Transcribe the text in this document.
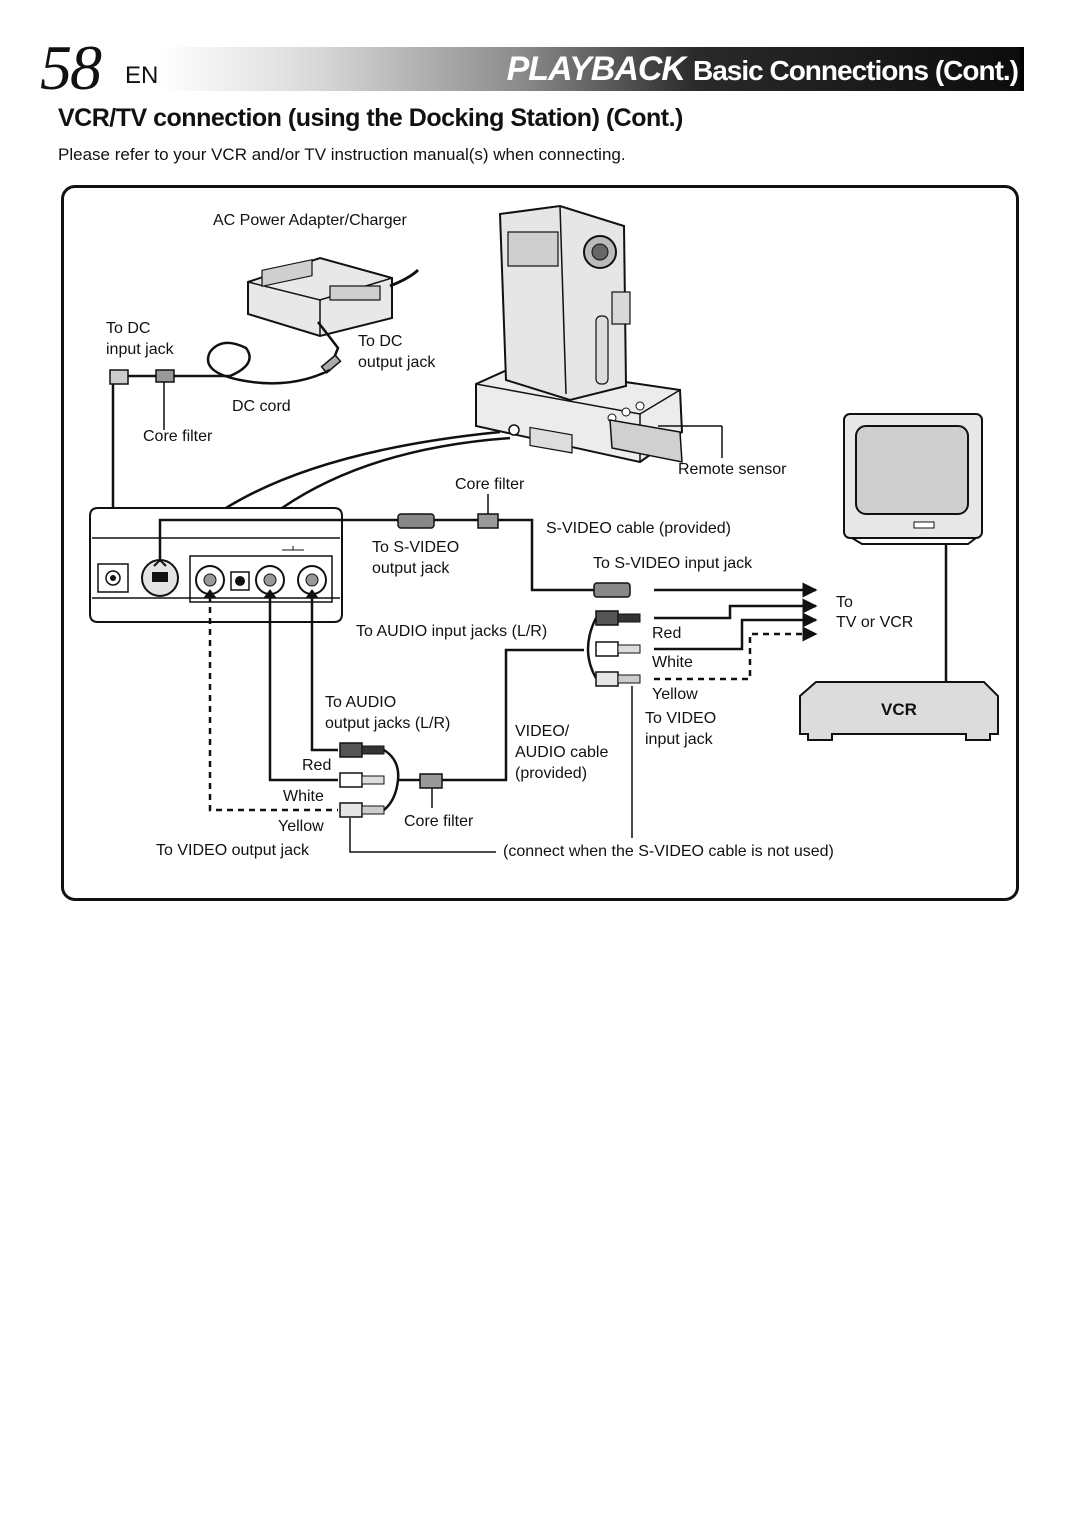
58 EN	PLAYBACK Basic Connections (Cont.)
VCR/TV connection (using the Docking Station) (Cont.)
Please refer to your VCR and/or TV instruction manual(s) when connecting.
AC Power Adapter/Charger
To DC
input jack	To DC
output jack
DC cord
Core filter
Remote sensor
Core filter
S-VIDEO cable (provided)
To S-VIDEO
output jack	To S-VIDEO input jack
To
TV or VCR
To AUDIO input jacks (L/R)	Red
White
Yellow
VCR
To AUDIO
output jacks (L/R)	To VIDEO
input jack
VIDEO/
AUDIO cable
(provided)
Red
White
Yellow	Core filter
To VIDEO output jack	(connect when the S-VIDEO cable is not used)
